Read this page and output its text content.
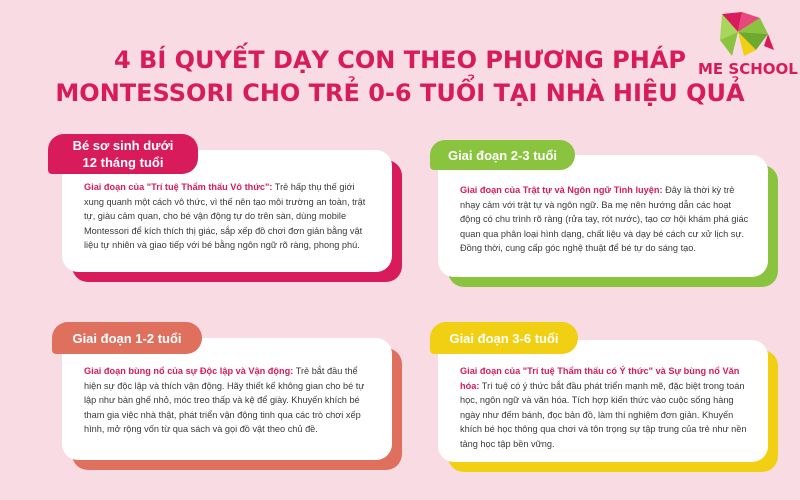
ME SCHOOL
4 BÍ QUYẾT DẠY CON THEO PHƯƠNG PHÁP
MONTESSORI CHO TRẺ 0-6 TUỔI TẠI NHÀ HIỆU QUẢ
Giai đoạn của "Trí tuệ Thẩm thấu Vô thức": Trẻ hấp thụ thế giới xung quanh một cách vô thức, vì thế nên tạo môi trường an toàn, trật tự, giàu cảm quan, cho bé vận động tự do trên sàn, dùng mobile Montessori để kích thích thị giác, sắp xếp đồ chơi đơn giản bằng vật liệu tự nhiên và giao tiếp với bé bằng ngôn ngữ rõ ràng, phong phú.
Bé sơ sinh dưới
12 tháng tuổi
Giai đoạn của Trật tự và Ngôn ngữ Tinh luyện: Đây là thời kỳ trẻ nhạy cảm với trật tự và ngôn ngữ. Ba mẹ nên hướng dẫn các hoạt động có chu trình rõ ràng (rửa tay, rót nước), tạo cơ hội khám phá giác quan qua phân loại hình dạng, chất liệu và dạy bé cách cư xử lịch sự. Đồng thời, cung cấp góc nghệ thuật để bé tự do sáng tạo.
Giai đoạn 2-3 tuổi
Giai đoạn bùng nổ của sự Độc lập và Vận động: Trẻ bắt đầu thể hiện sự độc lập và thích vận động. Hãy thiết kế không gian cho bé tự lập như bàn ghế nhỏ, móc treo thấp và kệ để giày. Khuyến khích bé tham gia việc nhà thật, phát triển vận động tinh qua các trò chơi xếp hình, mở rộng vốn từ qua sách và gọi đồ vật theo chủ đề.
Giai đoạn 1-2 tuổi
Giai đoạn của "Trí tuệ Thẩm thấu có Ý thức" và Sự bùng nổ Văn hóa: Trí tuệ có ý thức bắt đầu phát triển mạnh mẽ, đặc biệt trong toán học, ngôn ngữ và văn hóa. Tích hợp kiến thức vào cuộc sống hàng ngày như đếm bánh, đọc bản đồ, làm thí nghiệm đơn giản. Khuyến khích bé học thông qua chơi và tôn trọng sự tập trung của trẻ như nền tảng học tập bền vững.
Giai đoạn 3-6 tuổi
